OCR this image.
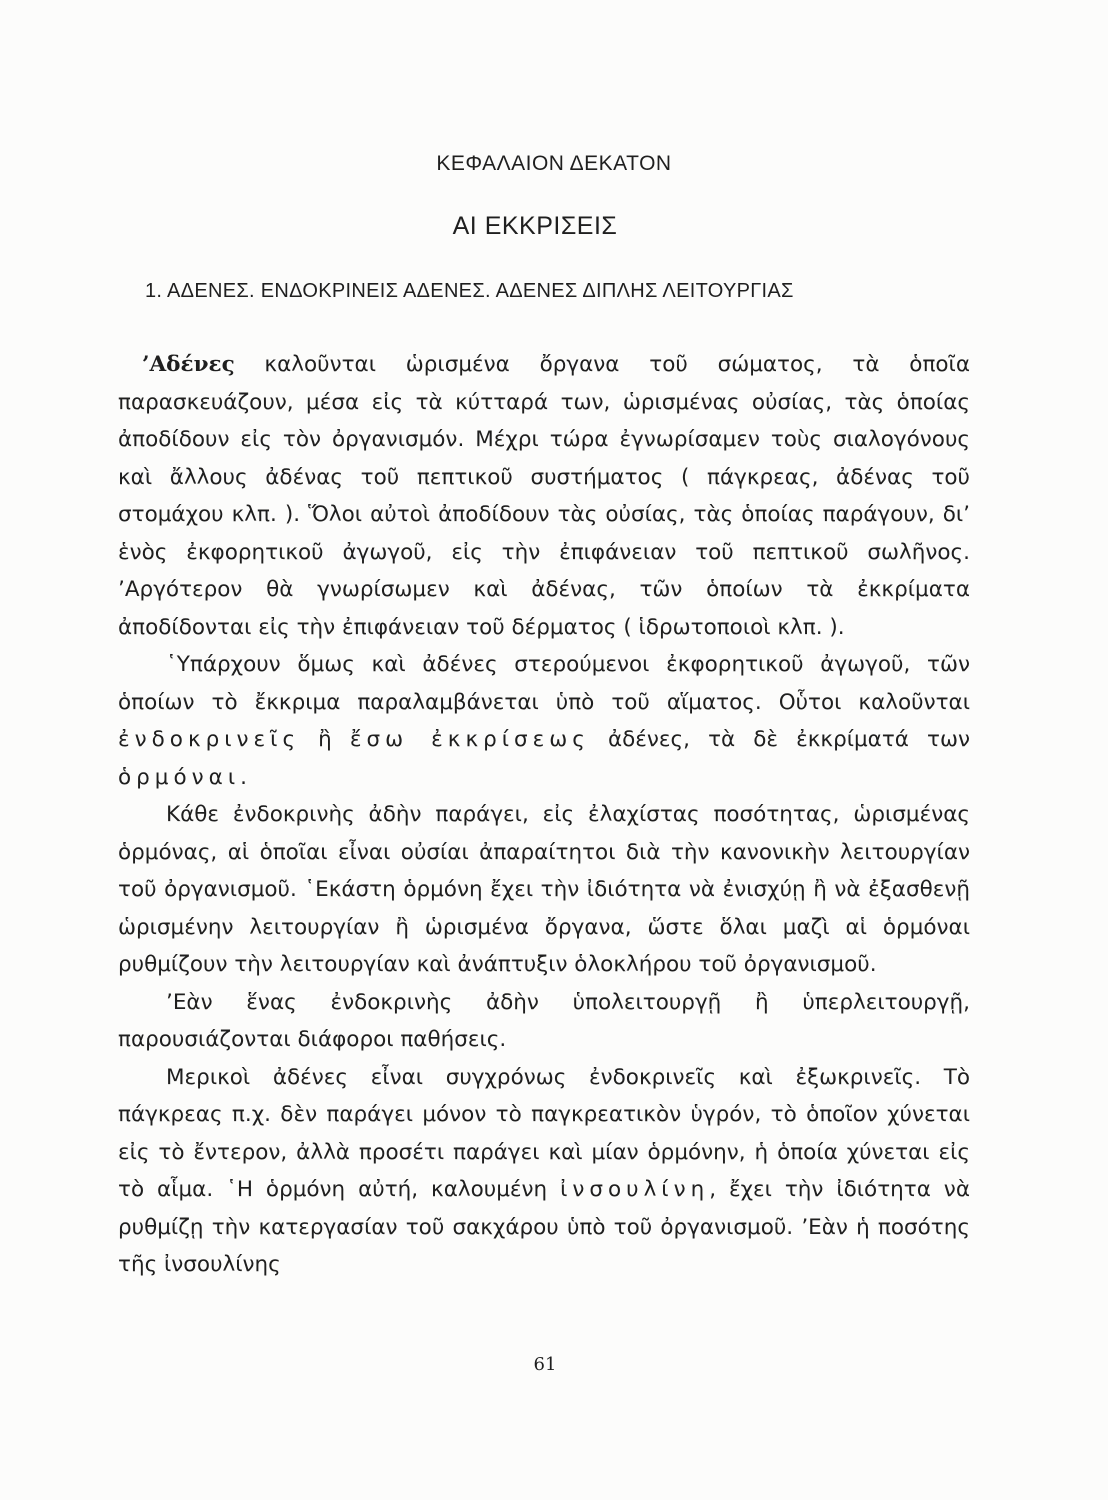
ΚΕΦΑΛΑΙΟΝ ΔΕΚΑΤΟΝ
ΑΙ ΕΚΚΡΙΣΕΙΣ
1. ΑΔΕΝΕΣ. ΕΝΔΟΚΡΙΝΕΙΣ ΑΔΕΝΕΣ. ΑΔΕΝΕΣ ΔΙΠΛΗΣ ΛΕΙΤΟΥΡΓΙΑΣ

’Αδένες καλοῦνται ὡρισμένα ὄργανα τοῦ σώματος, τὰ ὁποῖα παρασκευάζουν, μέσα εἰς τὰ κύτταρά των, ὡρισμένας οὐσίας, τὰς ὁποίας ἀποδίδουν εἰς τὸν ὀργανισμόν. Μέχρι τώρα ἐγνωρίσαμεν τοὺς σιαλογόνους καὶ ἄλλους ἀδένας τοῦ πεπτικοῦ συστήματος ( πάγκρεας, ἀδένας τοῦ στομάχου κλπ. ). Ὅλοι αὐτοὶ ἀποδίδουν τὰς οὐσίας, τὰς ὁποίας παράγουν, δι’ ἑνὸς ἐκφορητικοῦ ἀγωγοῦ, εἰς τὴν ἐπιφάνειαν τοῦ πεπτικοῦ σωλῆνος. ’Αργότερον θὰ γνωρίσωμεν καὶ ἀδένας, τῶν ὁποίων τὰ ἐκκρίματα ἀποδίδονται εἰς τὴν ἐπιφάνειαν τοῦ δέρματος ( ἱδρωτοποιοὶ κλπ. ).

῾Υπάρχουν ὅμως καὶ ἀδένες στερούμενοι ἐκφορητικοῦ ἀγωγοῦ, τῶν ὁποίων τὸ ἔκκριμα παραλαμβάνεται ὑπὸ τοῦ αἵματος. Οὗτοι καλοῦνται ἐνδοκρινεῖς ἢ ἔσω ἐκκρίσεως ἀδένες, τὰ δὲ ἐκκρίματά των ὁρμόναι.

Κάθε ἐνδοκρινὴς ἀδὴν παράγει, εἰς ἐλαχίστας ποσότητας, ὡρισμένας ὁρμόνας, αἱ ὁποῖαι εἶναι οὐσίαι ἀπαραίτητοι διὰ τὴν κανονικὴν λειτουργίαν τοῦ ὀργανισμοῦ. ῾Εκάστη ὁρμόνη ἔχει τὴν ἰδιότητα νὰ ἐνισχύῃ ἢ νὰ ἐξασθενῇ ὡρισμένην λειτουργίαν ἢ ὡρισμένα ὄργανα, ὥστε ὅλαι μαζὶ αἱ ὁρμόναι ρυθμίζουν τὴν λειτουργίαν καὶ ἀνάπτυξιν ὁλοκλήρου τοῦ ὀργανισμοῦ.

’Εὰν ἕνας ἐνδοκρινὴς ἀδὴν ὑπολειτουργῇ ἢ ὑπερλειτουργῇ, παρουσιάζονται διάφοροι παθήσεις.

Μερικοὶ ἀδένες εἶναι συγχρόνως ἐνδοκρινεῖς καὶ ἐξωκρινεῖς. Τὸ πάγκρεας π.χ. δὲν παράγει μόνον τὸ παγκρεατικὸν ὑγρόν, τὸ ὁποῖον χύνεται εἰς τὸ ἔντερον, ἀλλὰ προσέτι παράγει καὶ μίαν ὁρμόνην, ἡ ὁποία χύνεται εἰς τὸ αἷμα. ῾Η ὁρμόνη αὐτή, καλουμένη ἰνσουλίνη, ἔχει τὴν ἰδιότητα νὰ ρυθμίζῃ τὴν κατεργασίαν τοῦ σακχάρου ὑπὸ τοῦ ὀργανισμοῦ. ’Εὰν ἡ ποσότης τῆς ἰνσουλίνης

61
